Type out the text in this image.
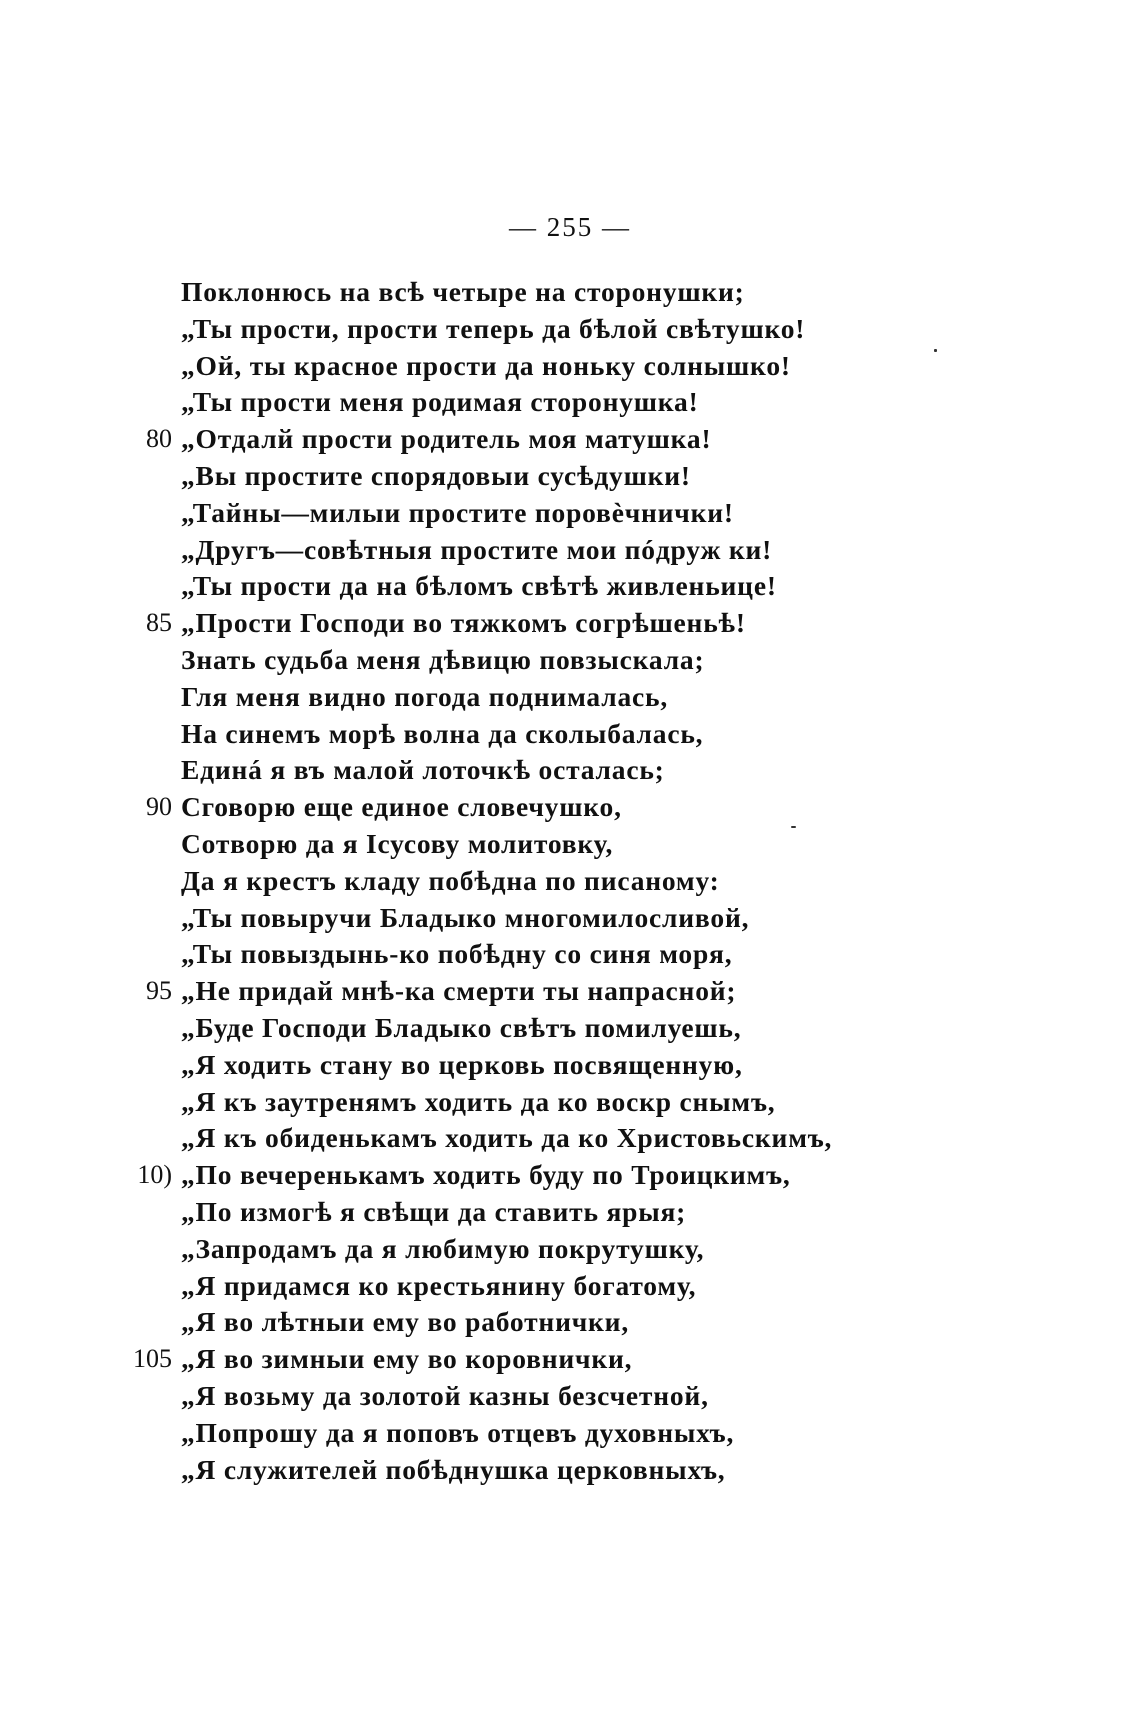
— 255 —
Поклонюсь на всѣ четыре на сторонушки;
„Ты прости, прости теперь да бѣлой свѣтушко!
„Ой, ты красное прости да ноньку солнышко!
„Ты прости меня родимая сторонушка!
80 „Отдалй прости родитель моя матушка!
„Вы простите спорядовыи сусѣдушки!
„Тайны—милыи простите поровѐчнички!
„Другъ—совѣтныя простите мои пóдруж ки!
„Ты прости да на бѣломъ свѣтѣ живленьице!
85 „Прости Господи во тяжкомъ согрѣшеньѣ!
Знать судьба меня дѣвицю повзыскала;
Гля меня видно погода поднималась,
На синемъ морѣ волна да сколыбалась,
Единá я въ малой лоточкѣ осталась;
90 Сговорю еще единое словечушко,
Сотворю да я Iсусову молитовку,
Да я крестъ кладу побѣдна по писаному:
„Ты повыручи Бладыко многомилосливой,
„Ты повыздынь-ко побѣдну со синя моря,
95 „Не придай мнѣ-ка смерти ты напрасной;
„Буде Господи Бладыко свѣтъ помилуешь,
„Я ходить стану во церковь посвященную,
„Я къ заутренямъ ходить да ко воскр снымъ,
„Я къ обиденькамъ ходить да ко Христовьскимъ,
10) „По вечеренькамъ ходить буду по Троицкимъ,
„По измогѣ я свѣщи да ставить ярыя;
„Запродамъ да я любимую покрутушку,
„Я придамся ко крестьянину богатому,
„Я во лѣтныи ему во работнички,
105 „Я во зимныи ему во коровнички,
„Я возьму да золотой казны безсчетной,
„Попрошу да я поповъ отцевъ духовныхъ,
„Я служителей побѣднушка церковныхъ,
